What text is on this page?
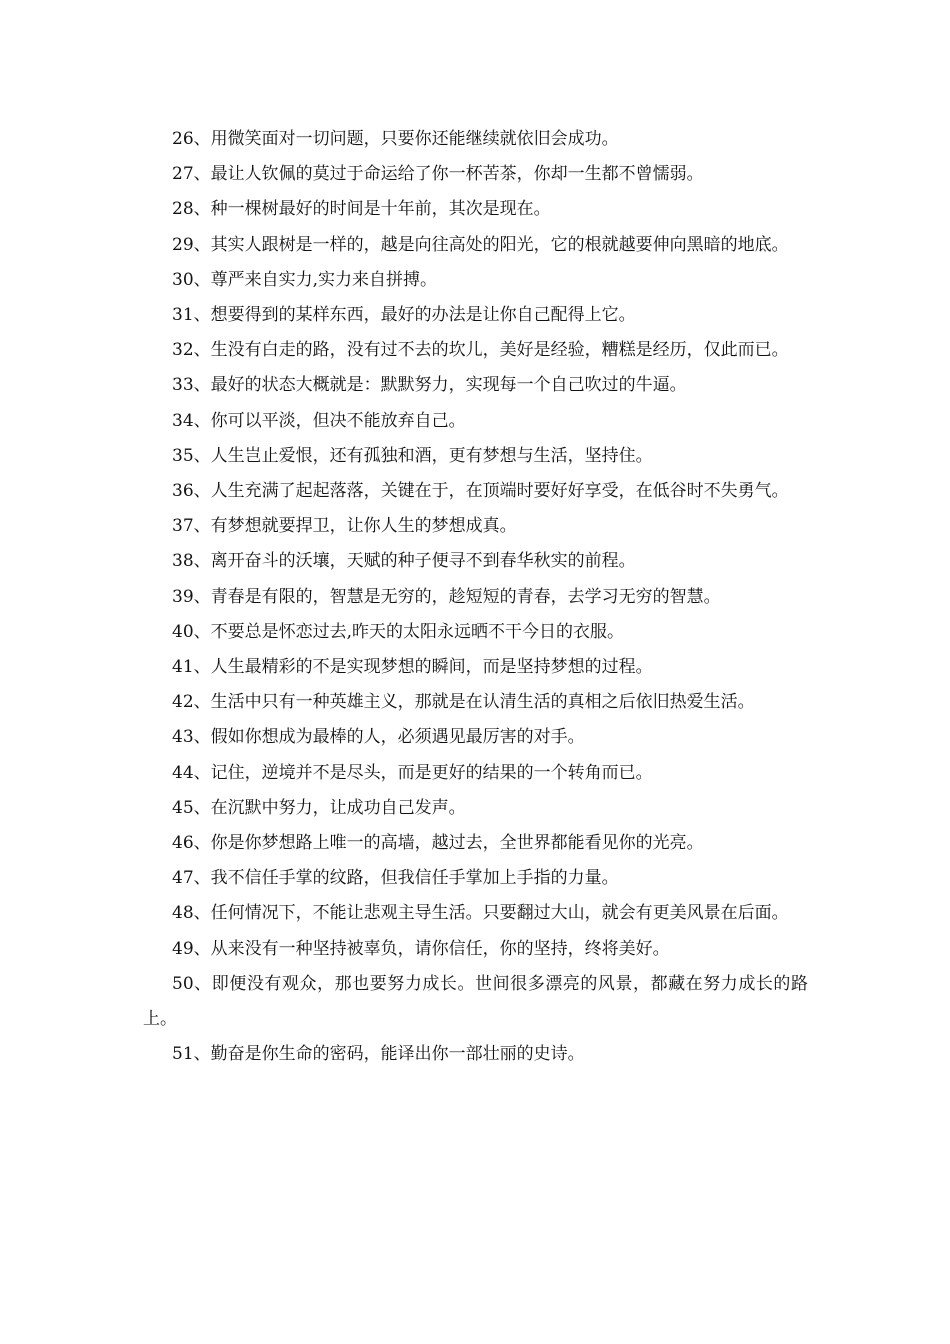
26、用微笑面对一切问题，只要你还能继续就依旧会成功。

27、最让人钦佩的莫过于命运给了你一杯苦茶，你却一生都不曾懦弱。

28、种一棵树最好的时间是十年前，其次是现在。

29、其实人跟树是一样的，越是向往高处的阳光，它的根就越要伸向黑暗的地底。

30、尊严来自实力,实力来自拼搏。

31、想要得到的某样东西，最好的办法是让你自己配得上它。

32、生没有白走的路，没有过不去的坎儿，美好是经验，糟糕是经历，仅此而已。

33、最好的状态大概就是：默默努力，实现每一个自己吹过的牛逼。

34、你可以平淡，但决不能放弃自己。

35、人生岂止爱恨，还有孤独和酒，更有梦想与生活，坚持住。

36、人生充满了起起落落，关键在于，在顶端时要好好享受，在低谷时不失勇气。

37、有梦想就要捍卫，让你人生的梦想成真。

38、离开奋斗的沃壤，天赋的种子便寻不到春华秋实的前程。

39、青春是有限的，智慧是无穷的，趁短短的青春，去学习无穷的智慧。

40、不要总是怀恋过去,昨天的太阳永远晒不干今日的衣服。

41、人生最精彩的不是实现梦想的瞬间，而是坚持梦想的过程。

42、生活中只有一种英雄主义，那就是在认清生活的真相之后依旧热爱生活。

43、假如你想成为最棒的人，必须遇见最厉害的对手。

44、记住，逆境并不是尽头，而是更好的结果的一个转角而已。

45、在沉默中努力，让成功自己发声。

46、你是你梦想路上唯一的高墙，越过去，全世界都能看见你的光亮。

47、我不信任手掌的纹路，但我信任手掌加上手指的力量。

48、任何情况下，不能让悲观主导生活。只要翻过大山，就会有更美风景在后面。

49、从来没有一种坚持被辜负，请你信任，你的坚持，终将美好。

50、即便没有观众，那也要努力成长。世间很多漂亮的风景，都藏在努力成长的路上。

51、勤奋是你生命的密码，能译出你一部壮丽的史诗。
